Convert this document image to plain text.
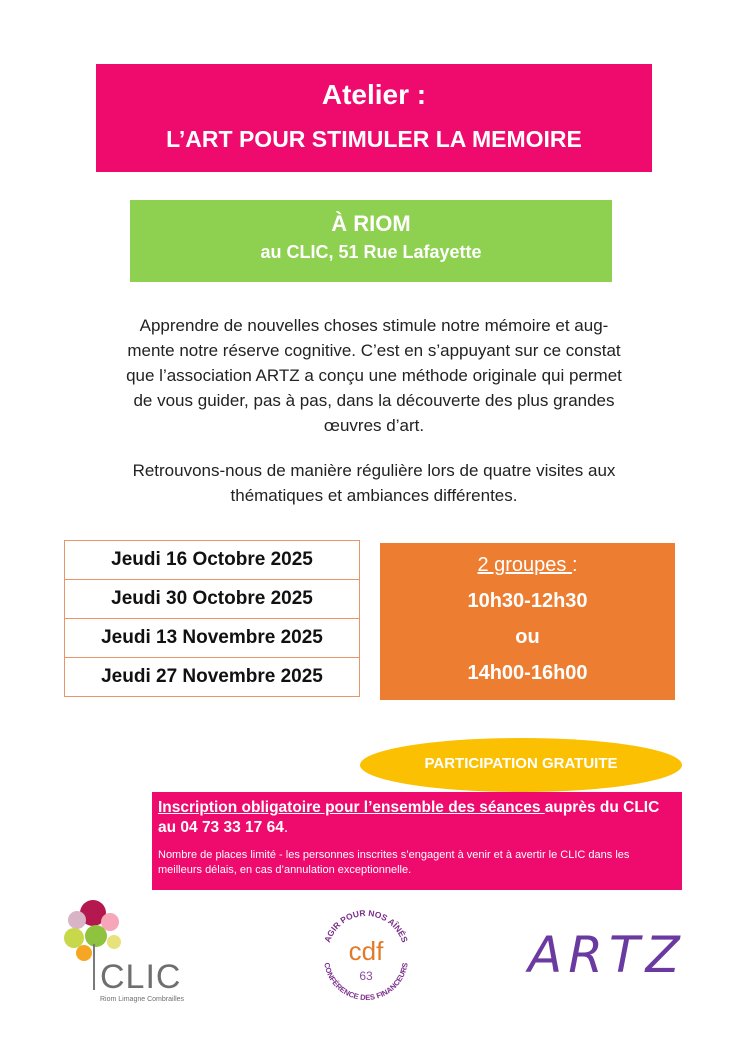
Atelier :
L’ART POUR STIMULER LA MEMOIRE
À RIOM
au CLIC, 51 Rue Lafayette
Apprendre de nouvelles choses stimule notre mémoire et aug-
mente notre réserve cognitive. C’est en s’appuyant sur ce constat
que l’association ARTZ a conçu une méthode originale qui permet
de vous guider, pas à pas, dans la découverte des plus grandes
œuvres d’art.
Retrouvons-nous de manière régulière lors de quatre visites aux
thématiques et ambiances différentes.
Jeudi 16 Octobre 2025
Jeudi 30 Octobre 2025
Jeudi 13 Novembre 2025
Jeudi 27 Novembre 2025
2 groupes :
10h30-12h30
ou
14h00-16h00
Inscription obligatoire pour l’ensemble des séances auprès du CLIC au 04 73 33 17 64.
Nombre de places limité - les personnes inscrites s’engagent à venir et à avertir le CLIC dans les meilleurs délais, en cas d’annulation exceptionnelle.
PARTICIPATION GRATUITE
CLIC
Riom Limagne Combrailles
AGIR POUR NOS AÎNÉS
CONFÉRENCE DES FINANCEURS
cdf
63	ARTZ
